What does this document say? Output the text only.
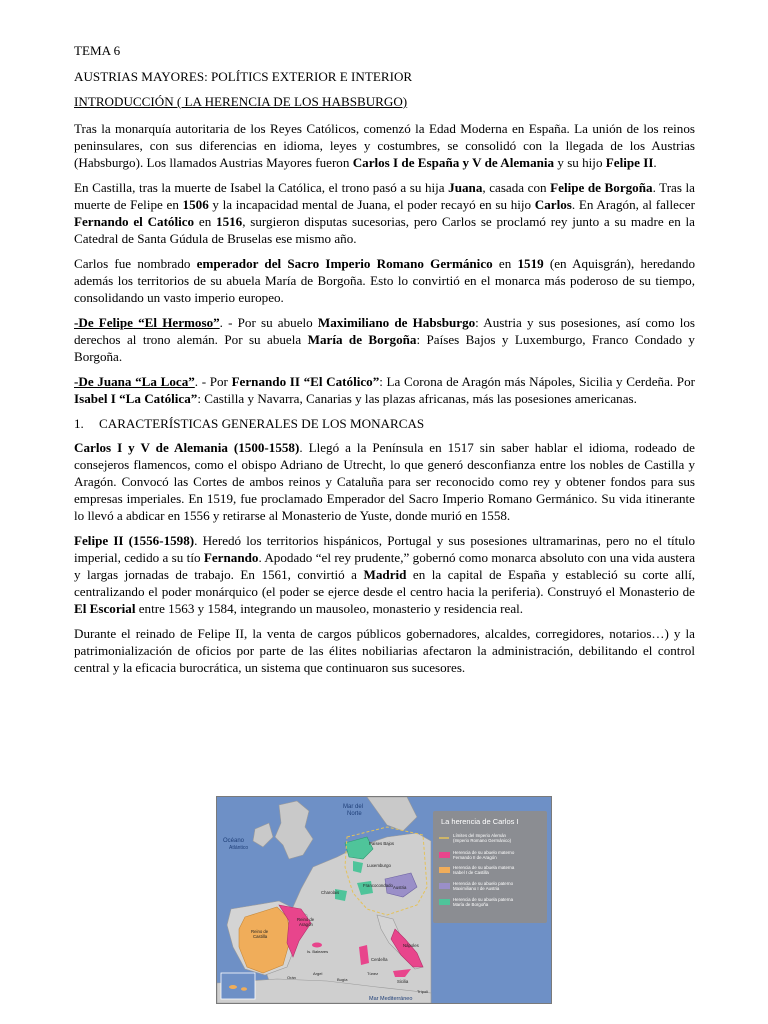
TEMA 6

AUSTRIAS MAYORES: POLÍTICS EXTERIOR E INTERIOR

INTRODUCCIÓN ( LA HERENCIA DE LOS HABSBURGO)

Tras la monarquía autoritaria de los Reyes Católicos, comenzó la Edad Moderna en España. La unión de los reinos peninsulares, con sus diferencias en idioma, leyes y costumbres, se consolidó con la llegada de los Austrias (Habsburgo). Los llamados Austrias Mayores fueron Carlos I de España y V de Alemania y su hijo Felipe II.

En Castilla, tras la muerte de Isabel la Católica, el trono pasó a su hija Juana, casada con Felipe de Borgoña. Tras la muerte de Felipe en 1506 y la incapacidad mental de Juana, el poder recayó en su hijo Carlos. En Aragón, al fallecer Fernando el Católico en 1516, surgieron disputas sucesorias, pero Carlos se proclamó rey junto a su madre en la Catedral de Santa Gúdula de Bruselas ese mismo año.

Carlos fue nombrado emperador del Sacro Imperio Romano Germánico en 1519 (en Aquisgrán), heredando además los territorios de su abuela María de Borgoña. Esto lo convirtió en el monarca más poderoso de su tiempo, consolidando un vasto imperio europeo.

-De Felipe “El Hermoso”. - Por su abuelo Maximiliano de Habsburgo: Austria y sus posesiones, así como los derechos al trono alemán. Por su abuela María de Borgoña: Países Bajos y Luxemburgo, Franco Condado y Borgoña.

-De Juana “La Loca”. - Por Fernando II “El Católico”: La Corona de Aragón más Nápoles, Sicilia y Cerdeña. Por Isabel I “La Católica”: Castilla y Navarra, Canarias y las plazas africanas, más las posesiones americanas.

1. CARACTERÍSTICAS GENERALES DE LOS MONARCAS

Carlos I y V de Alemania (1500-1558). Llegó a la Península en 1517 sin saber hablar el idioma, rodeado de consejeros flamencos, como el obispo Adriano de Utrecht, lo que generó desconfianza entre los nobles de Castilla y Aragón. Convocó las Cortes de ambos reinos y Cataluña para ser reconocido como rey y obtener fondos para sus empresas imperiales. En 1519, fue proclamado Emperador del Sacro Imperio Romano Germánico. Su vida itinerante lo llevó a abdicar en 1556 y retirarse al Monasterio de Yuste, donde murió en 1558.

Felipe II (1556-1598). Heredó los territorios hispánicos, Portugal y sus posesiones ultramarinas, pero no el título imperial, cedido a su tío Fernando. Apodado “el rey prudente,” gobernó como monarca absoluto con una vida austera y largas jornadas de trabajo. En 1561, convirtió a Madrid en la capital de España y estableció su corte allí, centralizando el poder monárquico (el poder se ejerce desde el centro hacia la periferia). Construyó el Monasterio de El Escorial entre 1563 y 1584, integrando un mausoleo, monasterio y residencia real.

Durante el reinado de Felipe II, la venta de cargos públicos gobernadores, alcaldes, corregidores, notarios…) y la patrimonialización de oficios por parte de las élites nobiliarias afectaron la administración, debilitando el control central y la eficacia burocrática, un sistema que continuaron sus sucesores.

La herencia de Carlos I
Límites del Imperio Alemán
(Imperio Romano Germánico)
Herencia de su abuelo materno
Fernando II de Aragón
Herencia de su abuela materna
Isabel I de Castilla
Herencia de su abuelo paterno
Maximiliano I de Austria
Herencia de su abuela paterna
María de Borgoña
Mar del
Norte
Océano
Atlántico
Países Bajos
Luxemburgo
Francocondado
Charolais
Austria
Reino de
Castilla
Reino de
Aragón
Is. Baleares
Nápoles
Cerdeña
Sicilia
Orán
Argel
Bugía
Túnez
Trípoli
Mar Mediterráneo
